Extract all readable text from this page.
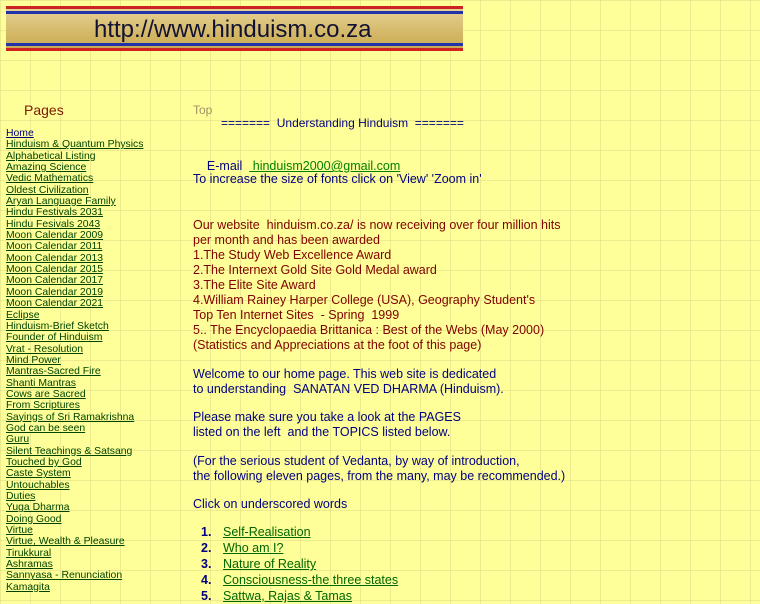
http://www.hinduism.co.za
Pages
Home
Hinduism & Quantum Physics
Alphabetical Listing
Amazing Science
Vedic Mathematics
Oldest Civilization
Aryan Language Family
Hindu Festivals 2031
Hindu Fesivals 2043
Moon Calendar 2009
Moon Calendar 2011
Moon Calendar 2013
Moon Calendar 2015
Moon Calendar 2017
Moon Calendar 2019
Moon Calendar 2021
Eclipse
Hinduism-Brief Sketch
Founder of Hinduism
Vrat - Resolution
Mind Power
Mantras-Sacred Fire
Shanti Mantras
Cows are Sacred
From Scriptures
Sayings of Sri Ramakrishna
God can be seen
Guru
Silent Teachings & Satsang
Touched by God
Caste System
Untouchables
Duties
Yuga Dharma
Doing Good
Virtue
Virtue, Wealth & Pleasure
Tirukkural
Ashramas
Sannyasa - Renunciation
Kamagita
Top
=======  Understanding Hinduism  =======

E-mail   hinduism2000@gmail.com

To increase the size of fonts click on 'View' 'Zoom in'
Our website  hinduism.co.za/ is now receiving over four million hits
per month and has been awarded
1.The Study Web Excellence Award
2.The Internext Gold Site Gold Medal award
3.The Elite Site Award
4.William Rainey Harper College (USA), Geography Student's
Top Ten Internet Sites  - Spring  1999
5.. The Encyclopaedia Brittanica : Best of the Webs (May 2000)
(Statistics and Appreciations at the foot of this page)
Welcome to our home page. This web site is dedicated
to understanding  SANATAN VED DHARMA (Hinduism).
Please make sure you take a look at the PAGES
listed on the left  and the TOPICS listed below.
(For the serious student of Vedanta, by way of introduction,
the following eleven pages, from the many, may be recommended.)
Click on underscored words
1. Self-Realisation
2. Who am I?
3. Nature of Reality
4. Consciousness-the three states
5. Sattwa, Rajas & Tamas
